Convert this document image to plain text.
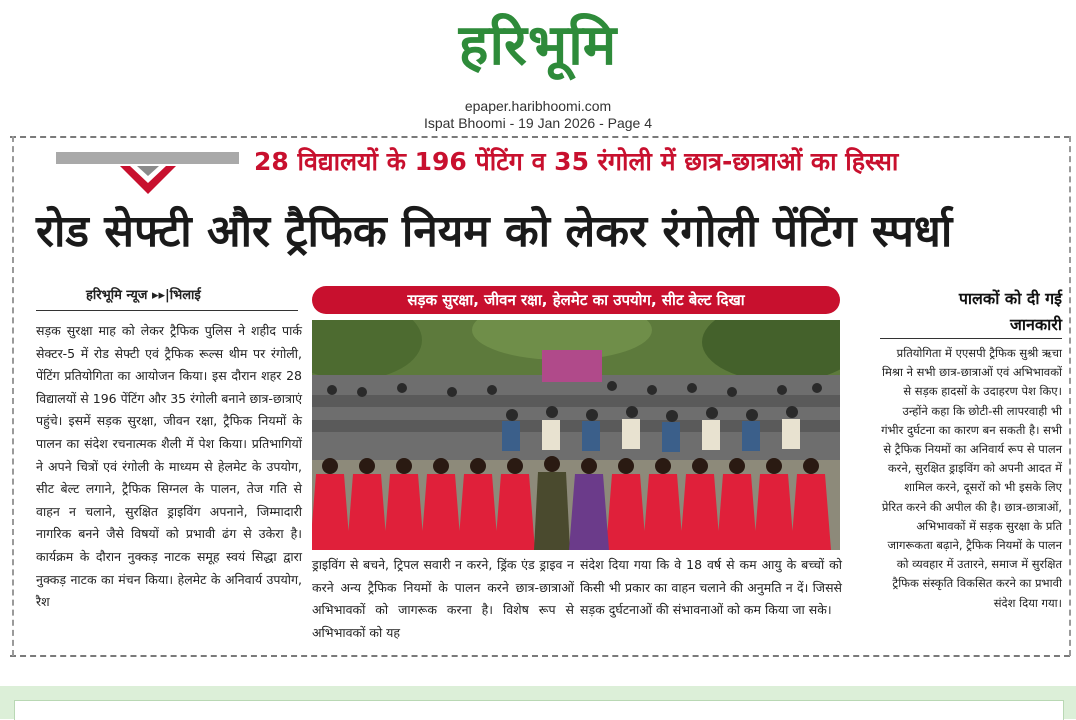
हरिभूमि
epaper.haribhoomi.com
Ispat Bhoomi - 19 Jan 2026 - Page 4
28 विद्यालयों के 196 पेंटिंग व 35 रंगोली में छात्र-छात्राओं का हिस्सा
रोड सेफ्टी और ट्रैफिक नियम को लेकर रंगोली पेंटिंग स्पर्धा
हरिभूमि न्यूज ▸▸|भिलाई
सड़क सुरक्षा माह को लेकर ट्रैफिक पुलिस ने शहीद पार्क सेक्टर-5 में रोड सेफ्टी एवं ट्रैफिक रूल्स थीम पर रंगोली, पेंटिंग प्रतियोगिता का आयोजन किया। इस दौरान शहर 28 विद्यालयों से 196 पेंटिंग और 35 रंगोली बनाने छात्र-छात्राएं पहुंचे। इसमें सड़क सुरक्षा, जीवन रक्षा, ट्रैफिक नियमों के पालन का संदेश रचनात्मक शैली में पेश किया। प्रतिभागियों ने अपने चित्रों एवं रंगोली के माध्यम से हेलमेट के उपयोग, सीट बेल्ट लगाने, ट्रैफिक सिग्नल के पालन, तेज गति से वाहन न चलाने, सुरक्षित ड्राइविंग अपनाने, जिम्मादारी नागरिक बनने जैसे विषयों को प्रभावी ढंग से उकेरा है। कार्यक्रम के दौरान नुक्कड़ नाटक समूह स्वयं सिद्धा द्वारा नुक्कड़ नाटक का मंचन किया। हेलमेट के अनिवार्य उपयोग, रैश
सड़क सुरक्षा, जीवन रक्षा, हेलमेट का उपयोग, सीट बेल्ट दिखा
ड्राइविंग से बचने, ट्रिपल सवारी न करने, ड्रिंक एंड ड्राइव न करने अन्य ट्रैफिक नियमों के पालन करने छात्र-छात्राओं अभिभावकों को जागरूक करना है। विशेष रूप से अभिभावकों को यह
संदेश दिया गया कि वे 18 वर्ष से कम आयु के बच्चों को किसी भी प्रकार का वाहन चलाने की अनुमति न दें। जिससे सड़क दुर्घटनाओं की संभावनाओं को कम किया जा सके।
पालकों को दी गई जानकारी
प्रतियोगिता में एएसपी ट्रैफिक सुश्री ऋचा मिश्रा ने सभी छात्र-छात्राओं एवं अभिभावकों से सड़क हादसों के उदाहरण पेश किए। उन्होंने कहा कि छोटी-सी लापरवाही भी गंभीर दुर्घटना का कारण बन सकती है। सभी से ट्रैफिक नियमों का अनिवार्य रूप से पालन करने, सुरक्षित ड्राइविंग को अपनी आदत में शामिल करने, दूसरों को भी इसके लिए प्रेरित करने की अपील की है। छात्र-छात्राओं, अभिभावकों में सड़क सुरक्षा के प्रति जागरूकता बढ़ाने, ट्रैफिक नियमों के पालन को व्यवहार में उतारने, समाज में सुरक्षित ट्रैफिक संस्कृति विकसित करने का प्रभावी संदेश दिया गया।
